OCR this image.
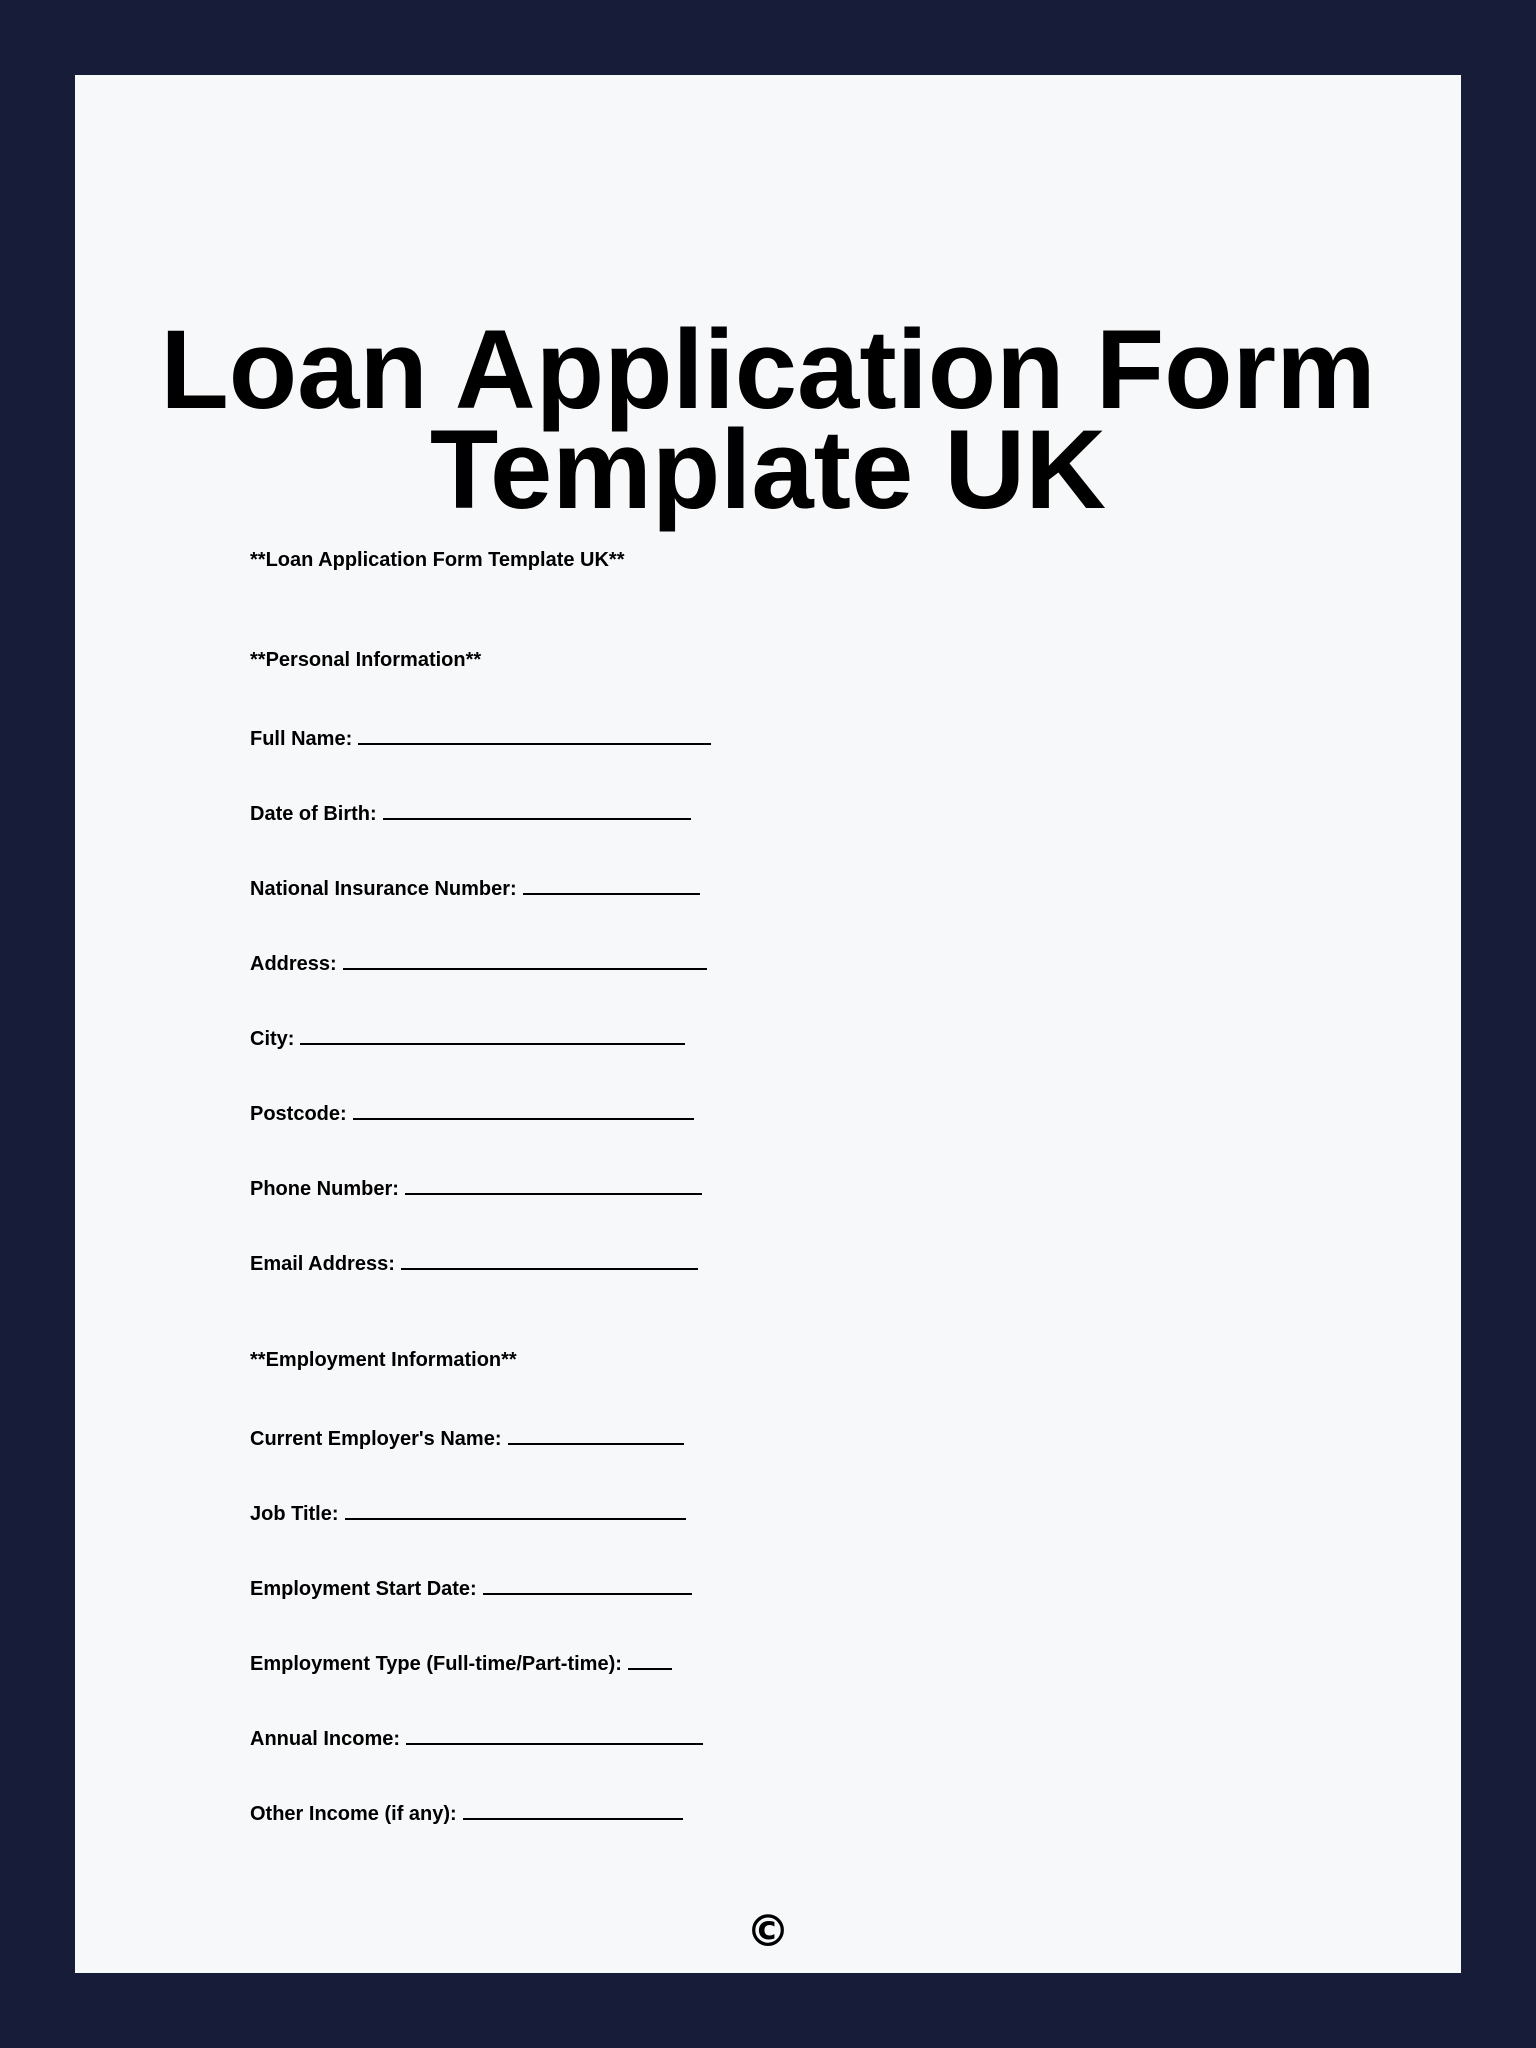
Loan Application Form
Template UK
**Loan Application Form Template UK**
**Personal Information**
Full Name:
Date of Birth:
National Insurance Number:
Address:
City:
Postcode:
Phone Number:
Email Address:
**Employment Information**
Current Employer's Name:
Job Title:
Employment Start Date:
Employment Type (Full-time/Part-time):
Annual Income:
Other Income (if any):
©
